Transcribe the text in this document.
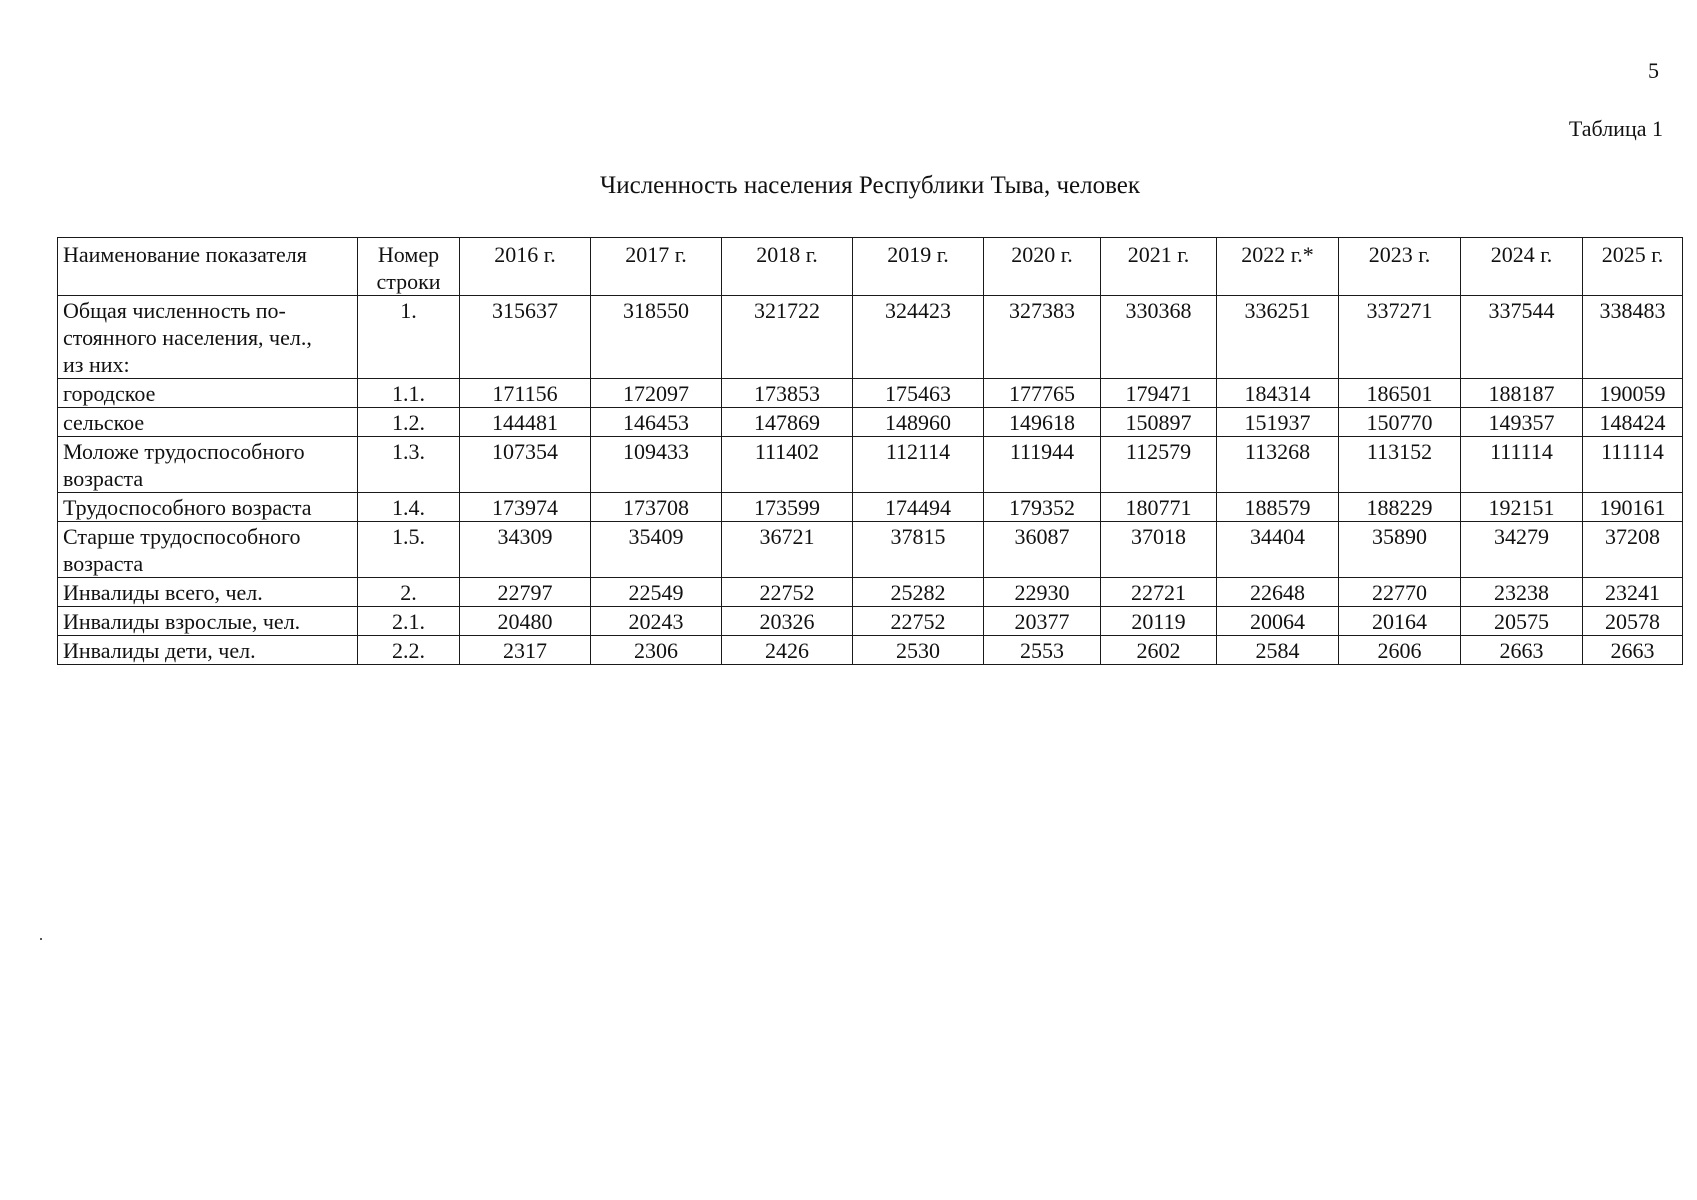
5
Таблица 1
Численность населения Республики Тыва, человек
Наименование показателя	Номер
строки	2016 г.	2017 г.	2018 г.	2019 г.	2020 г.	2021 г.	2022 г.*	2023 г.	2024 г.	2025 г.
Общая численность по-
стоянного населения, чел.,
из них:	1.	315637	318550	321722	324423	327383	330368	336251	337271	337544	338483
городское	1.1.	171156	172097	173853	175463	177765	179471	184314	186501	188187	190059
сельское	1.2.	144481	146453	147869	148960	149618	150897	151937	150770	149357	148424
Моложе трудоспособного
возраста	1.3.	107354	109433	111402	112114	111944	112579	113268	113152	111114	111114
Трудоспособного возраста	1.4.	173974	173708	173599	174494	179352	180771	188579	188229	192151	190161
Старше трудоспособного
возраста	1.5.	34309	35409	36721	37815	36087	37018	34404	35890	34279	37208
Инвалиды всего, чел.	2.	22797	22549	22752	25282	22930	22721	22648	22770	23238	23241
Инвалиды взрослые, чел.	2.1.	20480	20243	20326	22752	20377	20119	20064	20164	20575	20578
Инвалиды дети, чел.	2.2.	2317	2306	2426	2530	2553	2602	2584	2606	2663	2663
